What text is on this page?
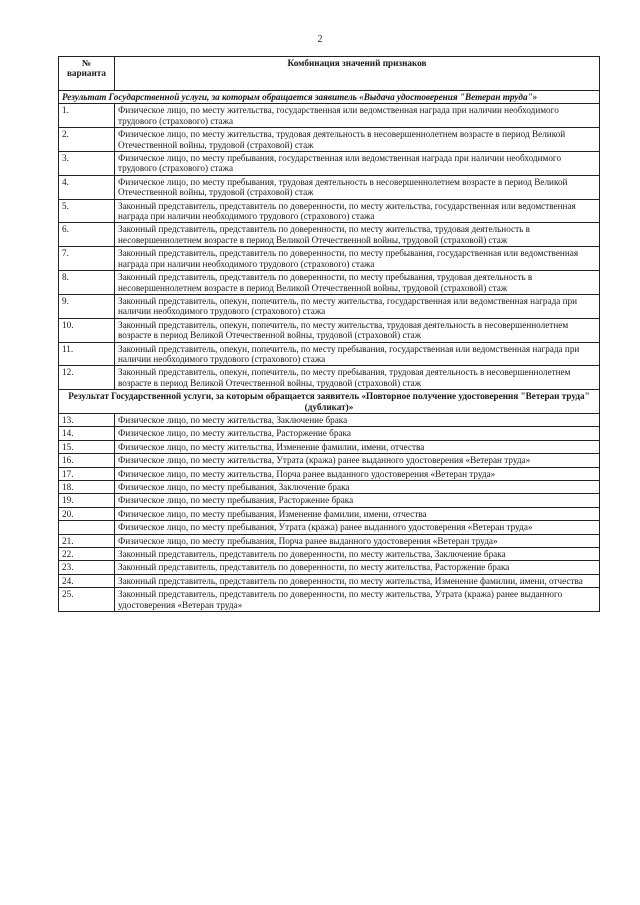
2
№ варианта	Комбинация значений признаков
Результат Государственной услуги, за которым обращается заявитель «Выдача удостоверения "Ветеран труда"»	
1.	Физическое лицо, по месту жительства, государственная или ведомственная награда при наличии необходимого трудового (страхового) стажа
2.	Физическое лицо, по месту жительства, трудовая деятельность в несовершеннолетнем возрасте в период Великой Отечественной войны, трудовой (страховой) стаж
3.	Физическое лицо, по месту пребывания, государственная или ведомственная награда при наличии необходимого трудового (страхового) стажа
4.	Физическое лицо, по месту пребывания, трудовая деятельность в несовершеннолетнем возрасте в период Великой Отечественной войны, трудовой (страховой) стаж
5.	Законный представитель, представитель по доверенности, по месту жительства, государственная или ведомственная награда при наличии необходимого трудового (страхового) стажа
6.	Законный представитель, представитель по доверенности, по месту жительства, трудовая деятельность в несовершеннолетнем возрасте в период Великой Отечественной войны, трудовой (страховой) стаж
7.	Законный представитель, представитель по доверенности, по месту пребывания, государственная или ведомственная награда при наличии необходимого трудового (страхового) стажа
8.	Законный представитель, представитель по доверенности, по месту пребывания, трудовая деятельность в несовершеннолетнем возрасте в период Великой Отечественной войны, трудовой (страховой) стаж
9.	Законный представитель, опекун, попечитель, по месту жительства, государственная или ведомственная награда при наличии необходимого трудового (страхового) стажа
10.	Законный представитель, опекун, попечитель, по месту жительства, трудовая деятельность в несовершеннолетнем возрасте в период Великой Отечественной войны, трудовой (страховой) стаж
11.	Законный представитель, опекун, попечитель, по месту пребывания, государственная или ведомственная награда при наличии необходимого трудового (страхового) стажа
12.	Законный представитель, опекун, попечитель, по месту пребывания, трудовая деятельность в несовершеннолетнем возрасте в период Великой Отечественной войны, трудовой (страховой) стаж
Результат Государственной услуги, за которым обращается заявитель «Повторное получение удостоверения "Ветеран труда" (дубликат)»	
13.	Физическое лицо, по месту жительства, Заключение брака
14.	Физическое лицо, по месту жительства, Расторжение брака
15.	Физическое лицо, по месту жительства, Изменение фамилии, имени, отчества
16.	Физическое лицо, по месту жительства, Утрата (кража) ранее выданного удостоверения «Ветеран труда»
17.	Физическое лицо, по месту жительства, Порча ранее выданного удостоверения «Ветеран труда»
18.	Физическое лицо, по месту пребывания, Заключение брака
19.	Физическое лицо, по месту пребывания, Расторжение брака
20.	Физическое лицо, по месту пребывания, Изменение фамилии, имени, отчества
	Физическое лицо, по месту пребывания, Утрата (кража) ранее выданного удостоверения «Ветеран труда»
21.	Физическое лицо, по месту пребывания, Порча ранее выданного удостоверения «Ветеран труда»
22.	Законный представитель, представитель по доверенности, по месту жительства, Заключение брака
23.	Законный представитель, представитель по доверенности, по месту жительства, Расторжение брака
24.	Законный представитель, представитель по доверенности, по месту жительства, Изменение фамилии, имени, отчества
25.	Законный представитель, представитель по доверенности, по месту жительства, Утрата (кража) ранее выданного удостоверения «Ветеран труда»
